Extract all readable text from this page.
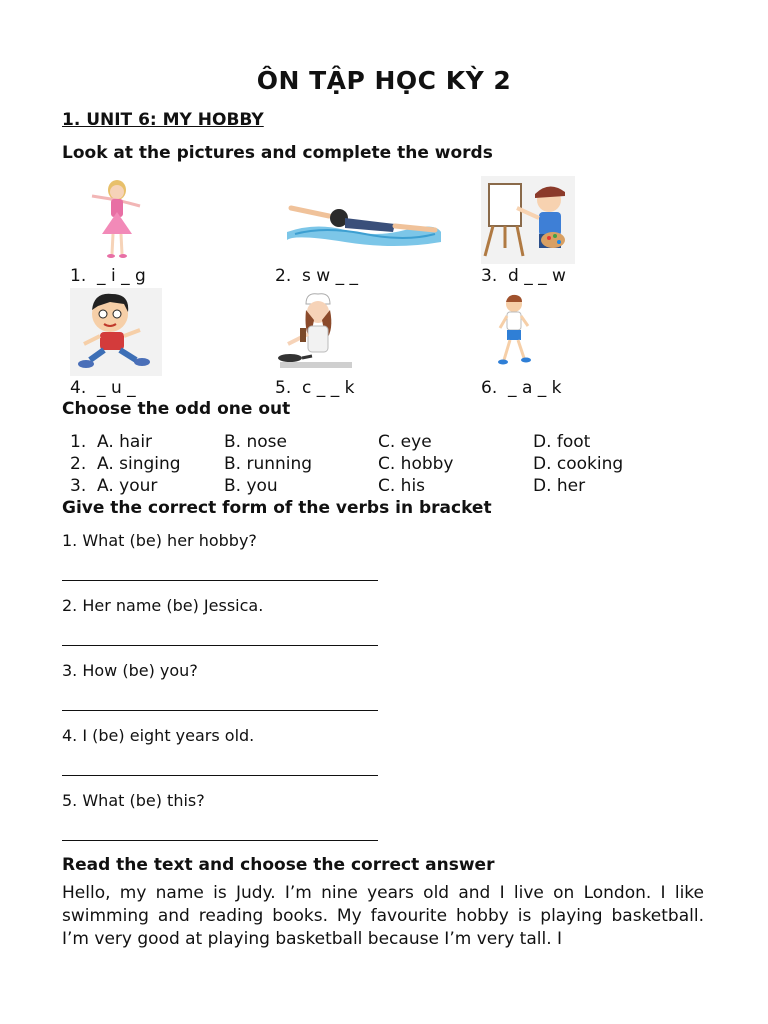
ÔN TẬP HỌC KỲ 2
1. UNIT 6: MY HOBBY
Look at the pictures and complete the words
1. _ i _ g	2. s w _ _	3. d _ _ w
4. _ u _	5. c _ _ k	6. _ a _ k
Choose the odd one out
1. A. hair	B. nose	C. eye	D. foot
2. A. singing	B. running	C. hobby	D. cooking
3. A. your	B. you	C. his	D. her
Give the correct form of the verbs in bracket
1. What (be) her hobby?
2. Her name (be) Jessica.
3. How (be) you?
4. I (be) eight years old.
5. What (be) this?
Read the text and choose the correct answer
Hello, my name is Judy. I’m nine years old and I live on London. I like swimming and reading books. My favourite hobby is playing basketball. I’m very good at playing basketball because I’m very tall. I
